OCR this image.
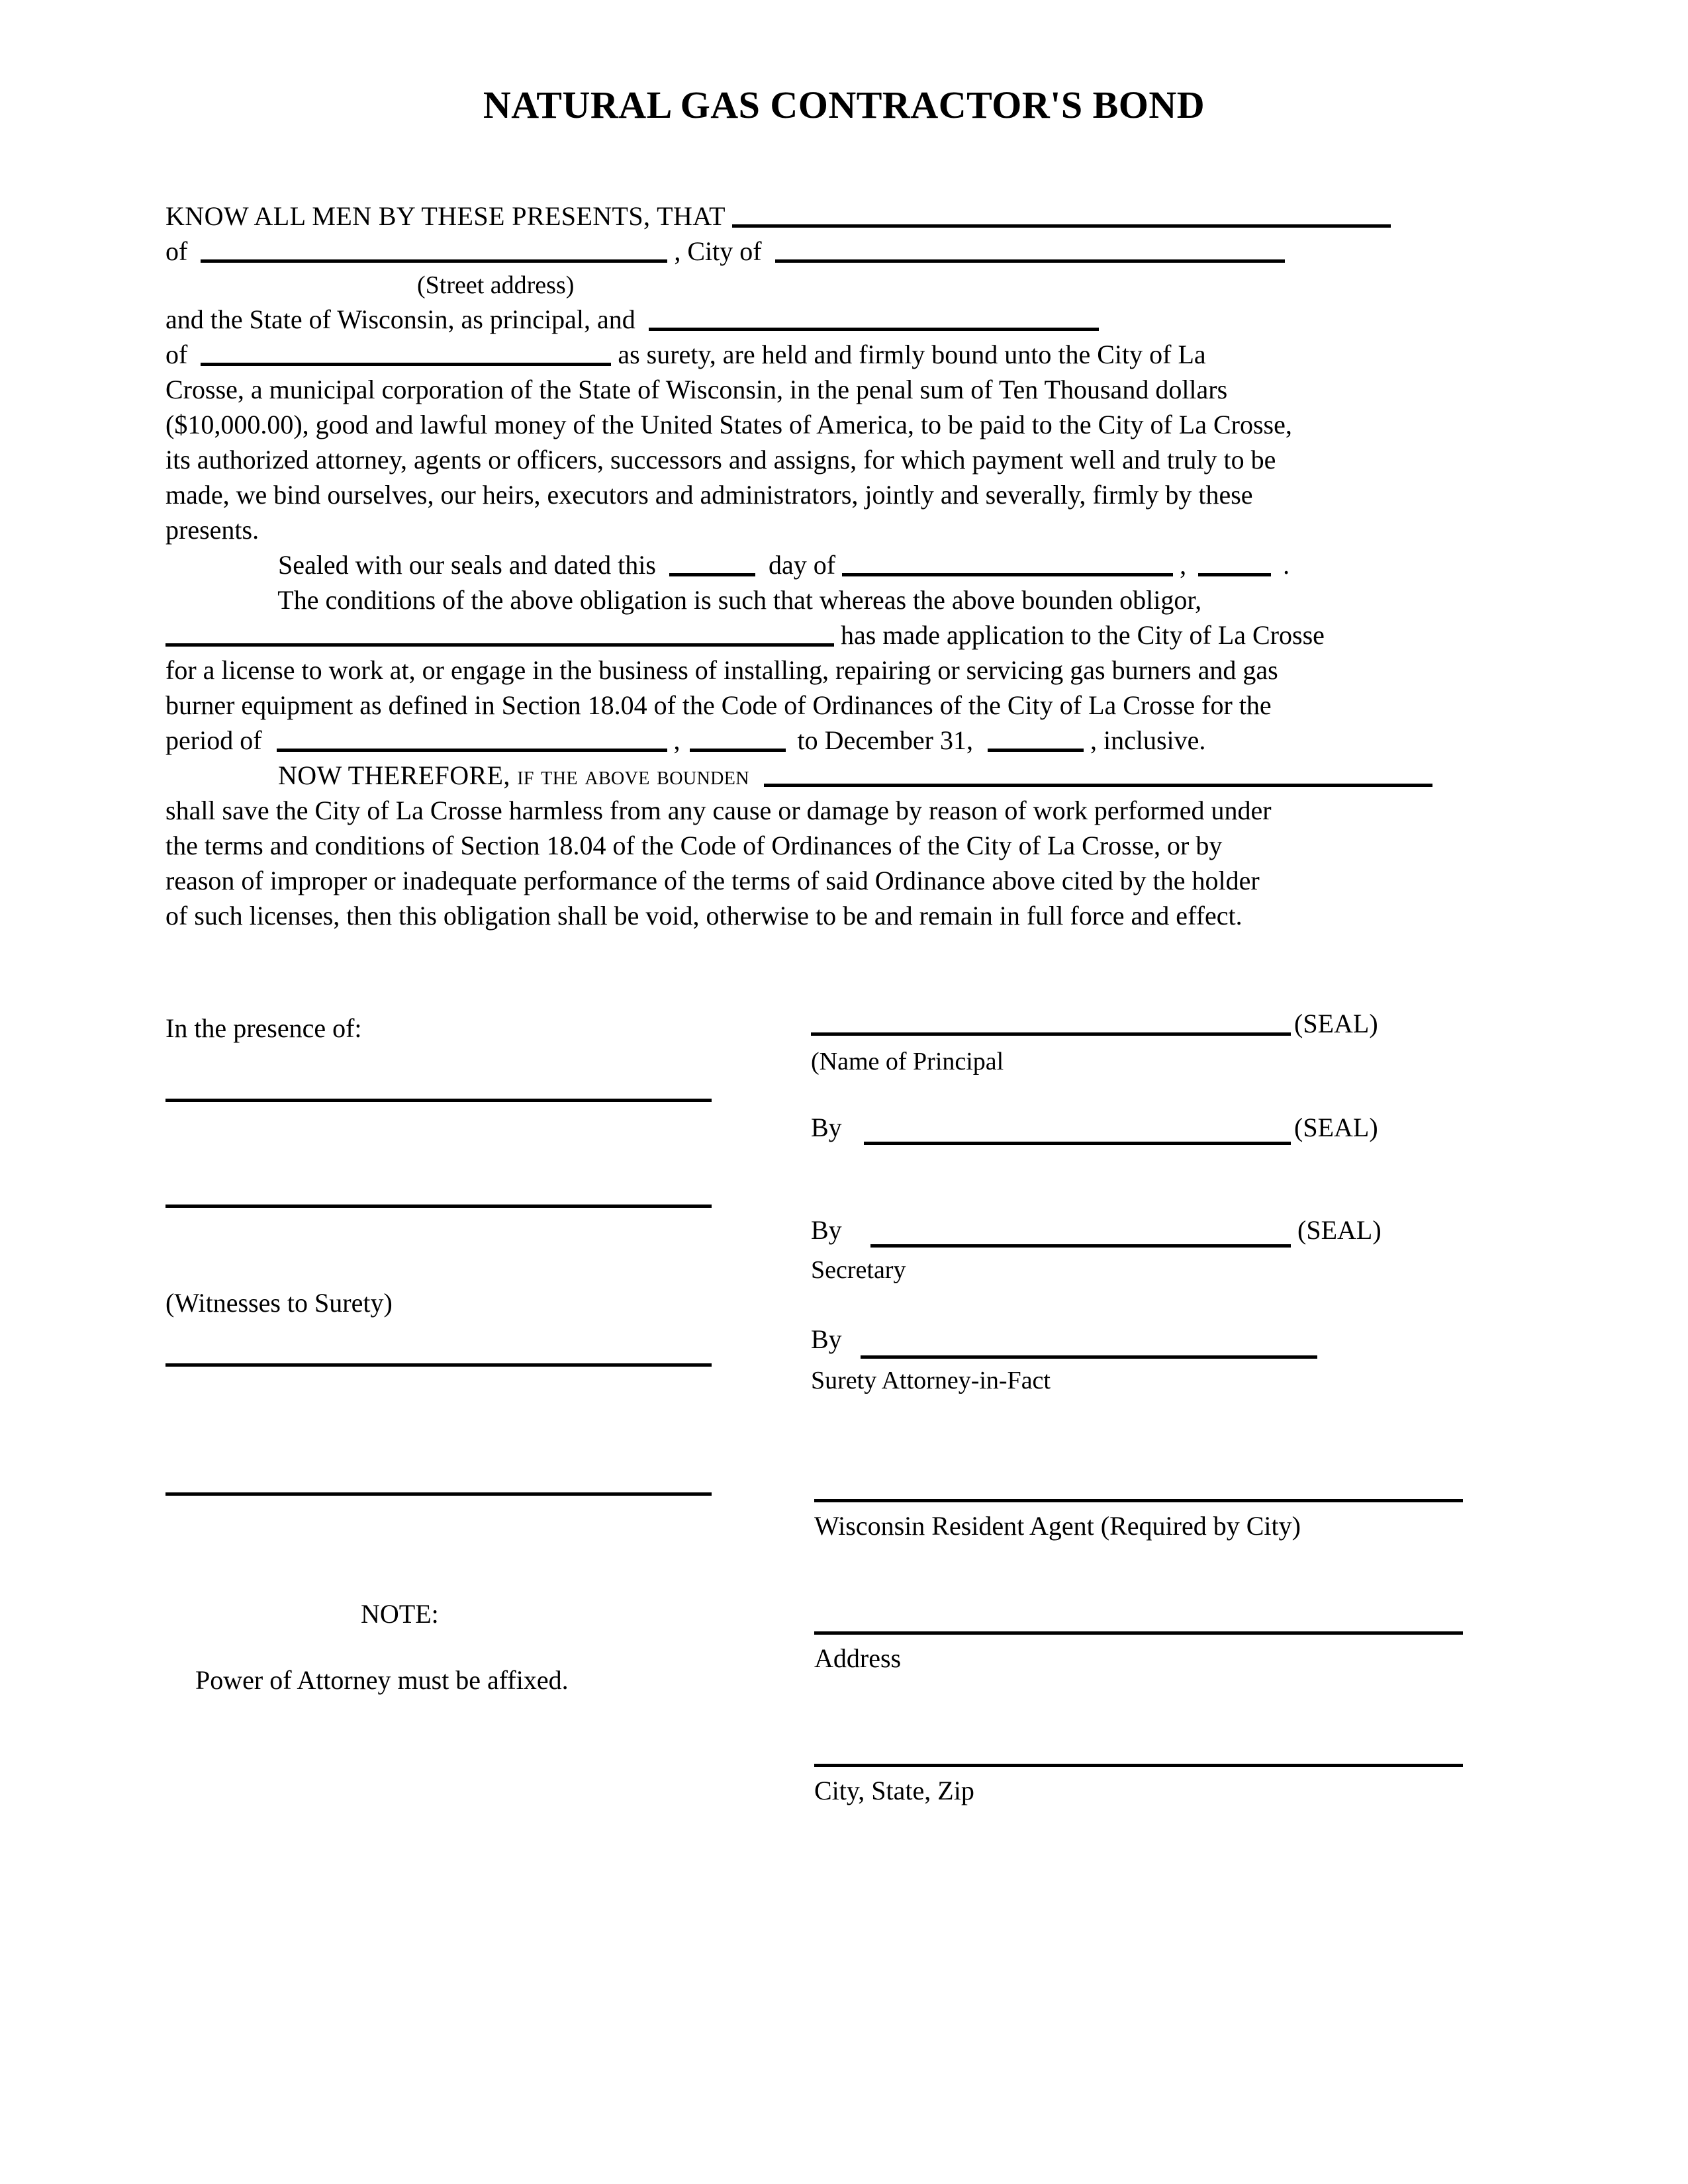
NATURAL GAS CONTRACTOR'S BOND
KNOW ALL MEN BY THESE PRESENTS, THAT
of	, City of
(Street address)
and the State of Wisconsin, as principal, and
of	as surety, are held and firmly bound unto the City of La
Crosse, a municipal corporation of the State of Wisconsin, in the penal sum of Ten Thousand dollars
($10,000.00), good and lawful money of the United States of America, to be paid to the City of La Crosse,
its authorized attorney, agents or officers, successors and assigns, for which payment well and truly to be
made, we bind ourselves, our heirs, executors and administrators, jointly and severally, firmly by these
presents.
Sealed with our seals and dated this	day of	,	.
The conditions of the above obligation is such that whereas the above bounden obligor,
has made application to the City of La Crosse
for a license to work at, or engage in the business of installing, repairing or servicing gas burners and gas
burner equipment as defined in Section 18.04 of the Code of Ordinances of the City of La Crosse for the
period of	,	to December 31,	, inclusive.
NOW THEREFORE, if the above bounden
shall save the City of La Crosse harmless from any cause or damage by reason of work performed under
the terms and conditions of Section 18.04 of the Code of Ordinances of the City of La Crosse, or by
reason of improper or inadequate performance of the terms of said Ordinance above cited by the holder
of such licenses, then this obligation shall be void, otherwise to be and remain in full force and effect.
In the presence of:
(Witnesses to Surety)
NOTE:
Power of Attorney must be affixed.
(SEAL)
(Name of Principal
By	(SEAL)
By	(SEAL)
Secretary
By
Surety Attorney-in-Fact
Wisconsin Resident Agent (Required by City)
Address
City, State, Zip
